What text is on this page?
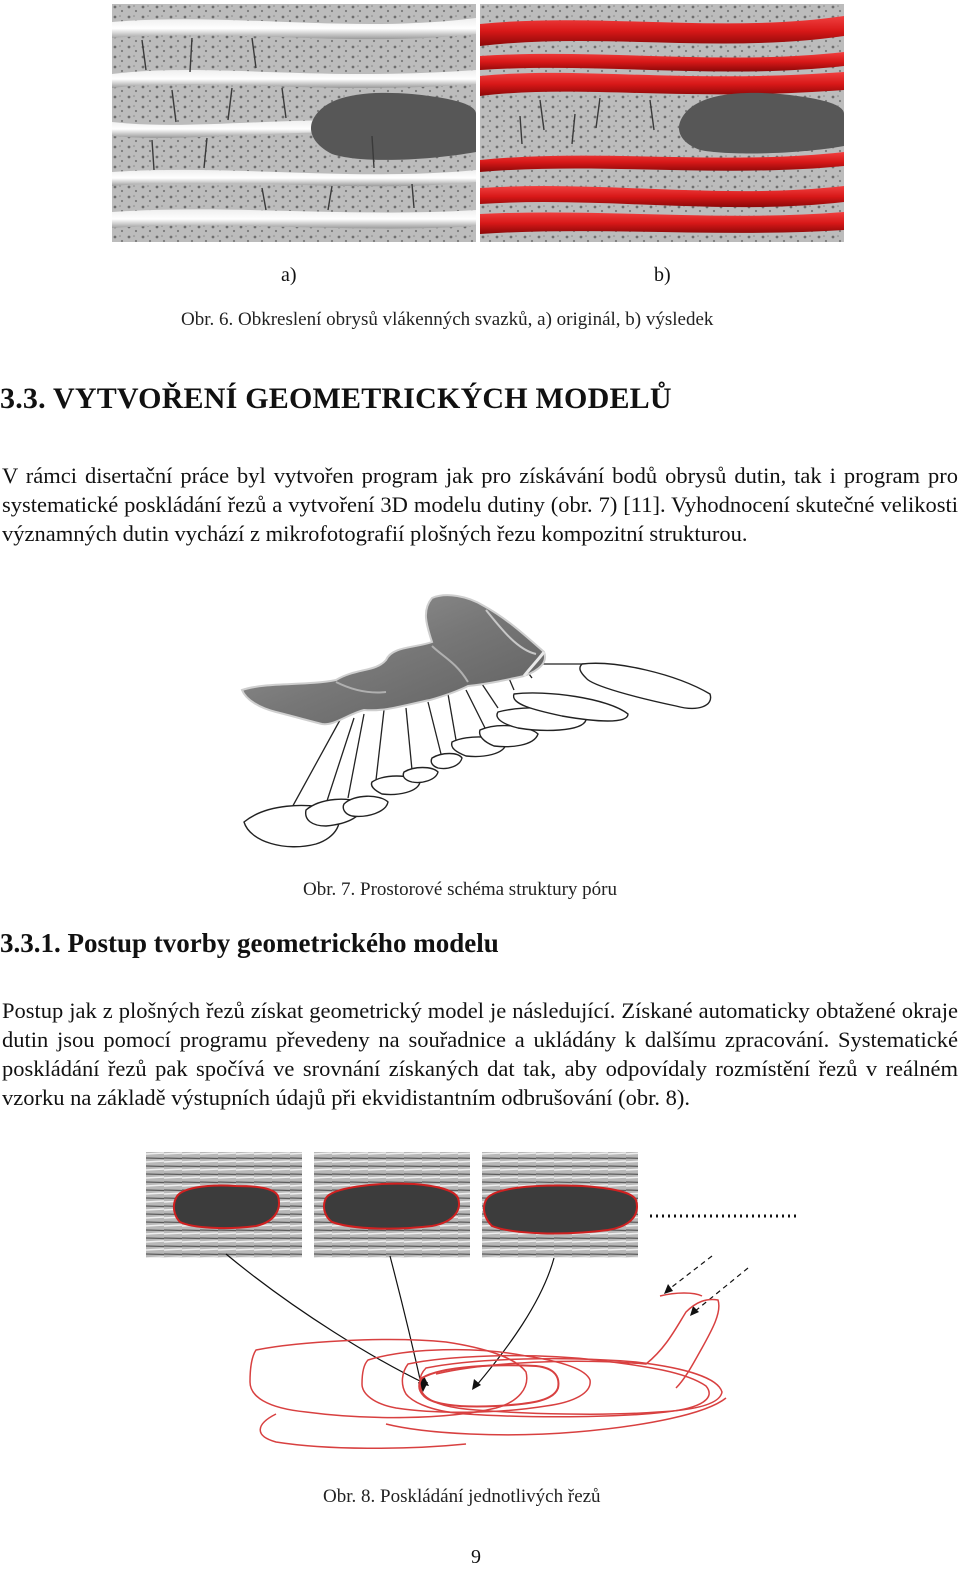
a)	b)
Obr. 6. Obkreslení obrysů vlákenných svazků, a) originál, b) výsledek
3.3. VYTVOŘENÍ GEOMETRICKÝCH MODELŮ
V rámci disertační práce byl vytvořen program jak pro získávání bodů obrysů dutin, tak i program pro systematické poskládání řezů a vytvoření 3D modelu dutiny (obr. 7) [11]. Vyhodnocení skutečné velikosti významných dutin vychází z mikrofotografií plošných řezu kompozitní strukturou.
Obr. 7. Prostorové schéma struktury póru
3.3.1. Postup tvorby geometrického modelu
Postup jak z plošných řezů získat geometrický model je následující. Získané automaticky obtažené okraje dutin jsou pomocí programu převedeny na souřadnice a ukládány k dalšímu zpracování. Systematické poskládání řezů pak spočívá ve srovnání získaných dat tak, aby odpovídaly rozmístění řezů v reálném vzorku na základě výstupních údajů při ekvidistantním odbrušování (obr. 8).
Obr. 8. Poskládání jednotlivých řezů
9
